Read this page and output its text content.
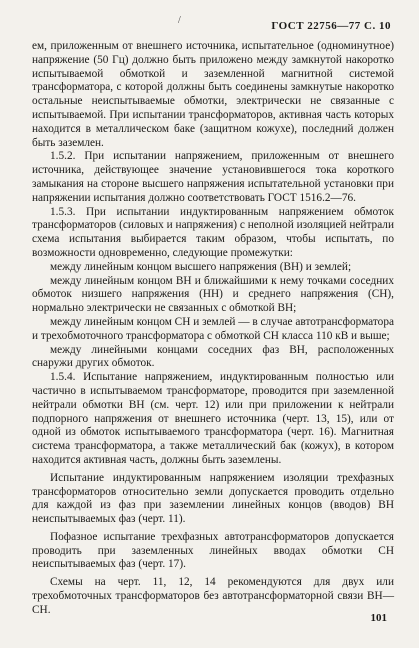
/	ГОСТ 22756—77 С. 10

ем, приложенным от внешнего источника, испытательное (одноминутное) напряжение (50 Гц) должно быть приложено между замкнутой накоротко испытываемой обмоткой и заземленной магнитной системой трансформатора, с которой должны быть соединены замкнутые накоротко остальные неиспытываемые обмотки, электрически не связанные с испытываемой. При испытании трансформаторов, активная часть которых находится в металлическом баке (защитном кожухе), последний должен быть заземлен.

1.5.2. При испытании напряжением, приложенным от внешнего источника, действующее значение установившегося тока короткого замыкания на стороне высшего напряжения испытательной установки при напряжении испытания должно соответствовать ГОСТ 1516.2—76.

1.5.3. При испытании индуктированным напряжением обмоток трансформаторов (силовых и напряжения) с неполной изоляцией нейтрали схема испытания выбирается таким образом, чтобы испытать, по возможности одновременно, следующие промежутки:

между линейным концом высшего напряжения (ВН) и землей;

между линейным концом ВН и ближайшими к нему точками соседних обмоток низшего напряжения (НН) и среднего напряжения (СН), нормально электрически не связанных с обмоткой ВН;

между линейным концом СН и землей — в случае автотрансформатора и трехобмоточного трансформатора с обмоткой СН класса 110 кВ и выше;

между линейными концами соседних фаз ВН, расположенных снаружи других обмоток.

1.5.4. Испытание напряжением, индуктированным полностью или частично в испытываемом трансформаторе, проводится при заземленной нейтрали обмотки ВН (см. черт. 12) или при приложении к нейтрали подпорного напряжения от внешнего источника (черт. 13, 15), или от одной из обмоток испытываемого трансформатора (черт. 16). Магнитная система трансформатора, а также металлический бак (кожух), в котором находится активная часть, должны быть заземлены.

Испытание индуктированным напряжением изоляции трехфазных трансформаторов относительно земли допускается проводить отдельно для каждой из фаз при заземлении линейных концов (вводов) ВН неиспытываемых фаз (черт. 11).

Пофазное испытание трехфазных автотрансформаторов допускается проводить при заземленных линейных вводах обмотки СН неиспытываемых фаз (черт. 17).

Схемы на черт. 11, 12, 14 рекомендуются для двух или трехобмоточных трансформаторов без автотрансформаторной связи ВН—СН.

101
